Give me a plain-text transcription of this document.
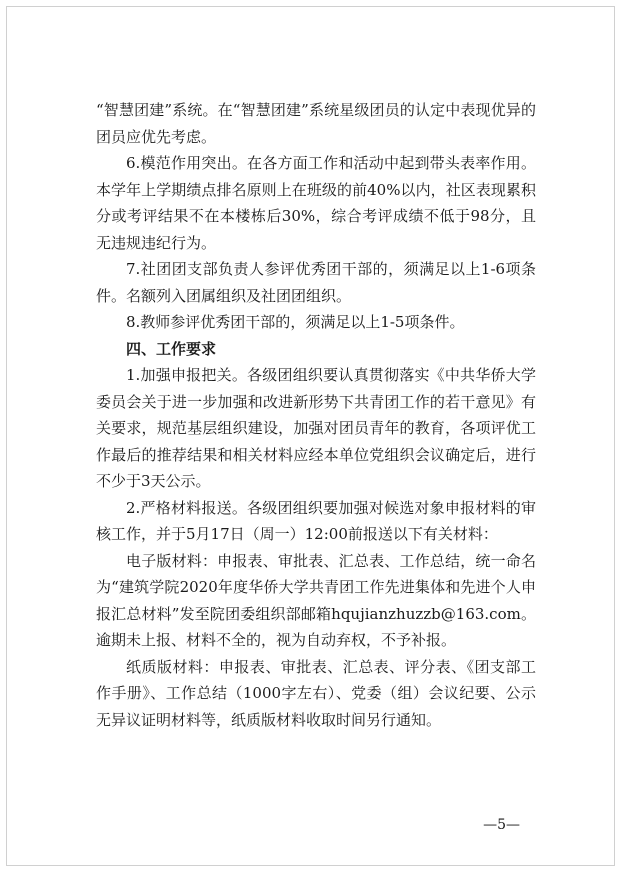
“智慧团建”系统。在“智慧团建”系统星级团员的认定中表现优异的团员应优先考虑。

6.模范作用突出。在各方面工作和活动中起到带头表率作用。本学年上学期绩点排名原则上在班级的前40%以内，社区表现累积分或考评结果不在本楼栋后30%，综合考评成绩不低于98分，且无违规违纪行为。

7.社团团支部负责人参评优秀团干部的，须满足以上1-6项条件。名额列入团属组织及社团团组织。

8.教师参评优秀团干部的，须满足以上1-5项条件。

四、工作要求

1.加强申报把关。各级团组织要认真贯彻落实《中共华侨大学委员会关于进一步加强和改进新形势下共青团工作的若干意见》有关要求，规范基层组织建设，加强对团员青年的教育，各项评优工作最后的推荐结果和相关材料应经本单位党组织会议确定后，进行不少于3天公示。

2.严格材料报送。各级团组织要加强对候选对象申报材料的审核工作，并于5月17日（周一）12:00前报送以下有关材料：

电子版材料：申报表、审批表、汇总表、工作总结，统一命名为“建筑学院2020年度华侨大学共青团工作先进集体和先进个人申报汇总材料”发至院团委组织部邮箱hqujianzhuzzb@163.com。逾期未上报、材料不全的，视为自动弃权，不予补报。

纸质版材料：申报表、审批表、汇总表、评分表、《团支部工作手册》、工作总结（1000字左右）、党委（组）会议纪要、公示无异议证明材料等，纸质版材料收取时间另行通知。

—5—
